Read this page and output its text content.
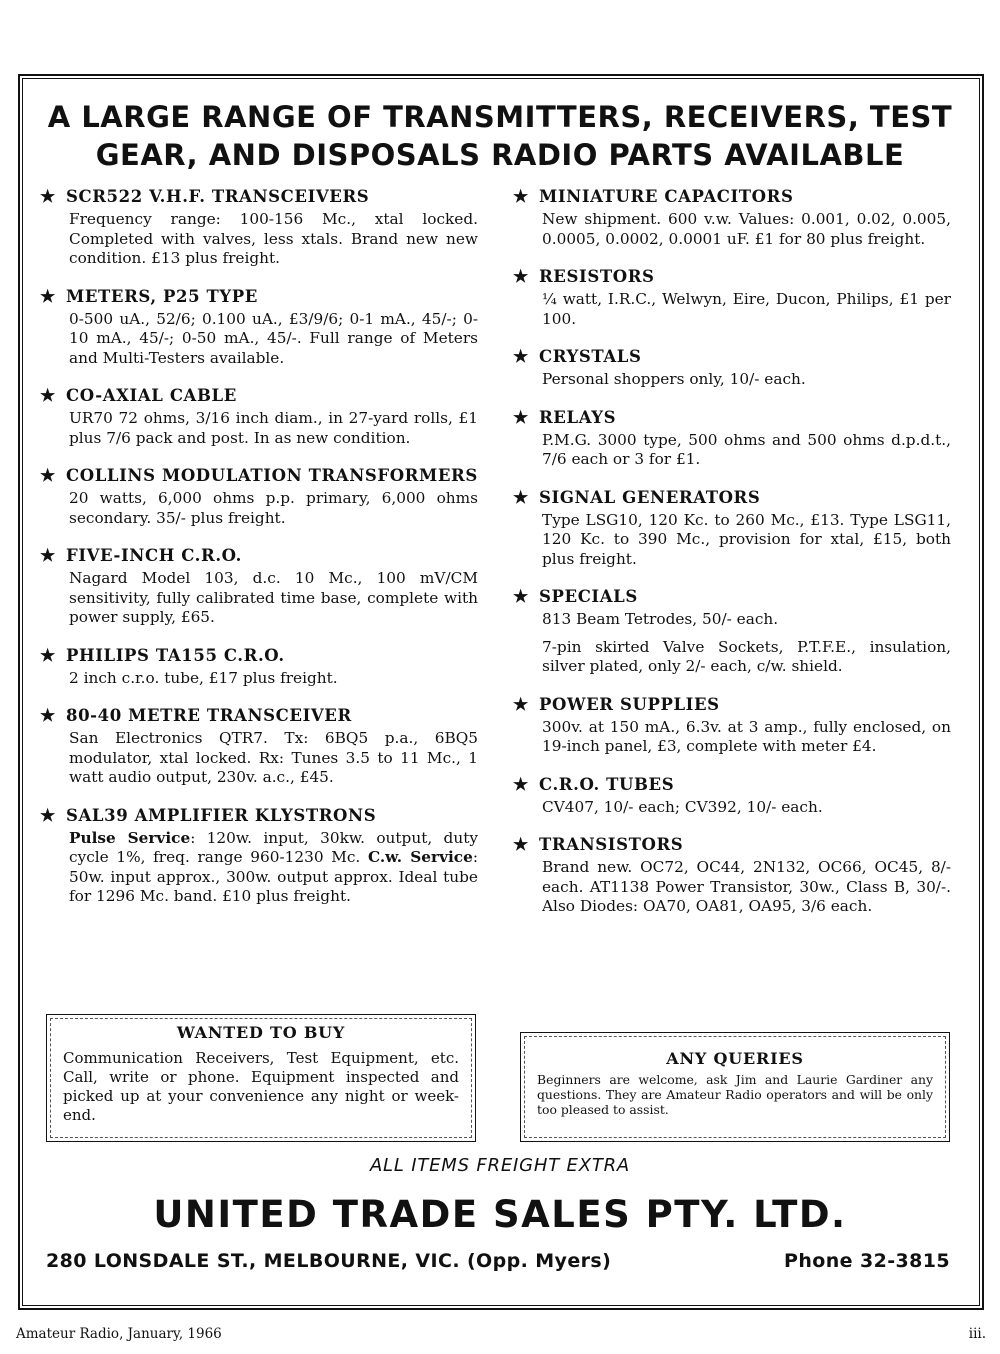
A LARGE RANGE OF TRANSMITTERS, RECEIVERS, TEST
GEAR, AND DISPOSALS RADIO PARTS AVAILABLE
★ SCR522 V.H.F. TRANSCEIVERS

Frequency range: 100-156 Mc., xtal locked. Completed with valves, less xtals. Brand new new condition. £13 plus freight.

★ METERS, P25 TYPE

0-500 uA., 52/6; 0.100 uA., £3/9/6; 0-1 mA., 45/-; 0-10 mA., 45/-; 0-50 mA., 45/-. Full range of Meters and Multi-Testers available.

★ CO-AXIAL CABLE

UR70 72 ohms, 3/16 inch diam., in 27-yard rolls, £1 plus 7/6 pack and post. In as new condition.

★ COLLINS MODULATION TRANSFORMERS

20 watts, 6,000 ohms p.p. primary, 6,000 ohms secondary. 35/- plus freight.

★ FIVE-INCH C.R.O.

Nagard Model 103, d.c. 10 Mc., 100 mV/CM sensitivity, fully calibrated time base, complete with power supply, £65.

★ PHILIPS TA155 C.R.O.

2 inch c.r.o. tube, £17 plus freight.

★ 80-40 METRE TRANSCEIVER

San Electronics QTR7. Tx: 6BQ5 p.a., 6BQ5 modulator, xtal locked. Rx: Tunes 3.5 to 11 Mc., 1 watt audio output, 230v. a.c., £45.

★ SAL39 AMPLIFIER KLYSTRONS

Pulse Service: 120w. input, 30kw. output, duty cycle 1%, freq. range 960-1230 Mc. C.w. Service: 50w. input approx., 300w. output approx. Ideal tube for 1296 Mc. band. £10 plus freight.

★ MINIATURE CAPACITORS

New shipment. 600 v.w. Values: 0.001, 0.02, 0.005, 0.0005, 0.0002, 0.0001 uF. £1 for 80 plus freight.

★ RESISTORS

¼ watt, I.R.C., Welwyn, Eire, Ducon, Philips, £1 per 100.

★ CRYSTALS

Personal shoppers only, 10/- each.

★ RELAYS

P.M.G. 3000 type, 500 ohms and 500 ohms d.p.d.t., 7/6 each or 3 for £1.

★ SIGNAL GENERATORS

Type LSG10, 120 Kc. to 260 Mc., £13. Type LSG11, 120 Kc. to 390 Mc., provision for xtal, £15, both plus freight.

★ SPECIALS

813 Beam Tetrodes, 50/- each.

7-pin skirted Valve Sockets, P.T.F.E., insulation, silver plated, only 2/- each, c/w. shield.

★ POWER SUPPLIES

300v. at 150 mA., 6.3v. at 3 amp., fully enclosed, on 19-inch panel, £3, complete with meter £4.

★ C.R.O. TUBES

CV407, 10/- each; CV392, 10/- each.

★ TRANSISTORS

Brand new. OC72, OC44, 2N132, OC66, OC45, 8/- each. AT1138 Power Transistor, 30w., Class B, 30/-. Also Diodes: OA70, OA81, OA95, 3/6 each.

WANTED TO BUY
Communication Receivers, Test Equipment, etc. Call, write or phone. Equipment inspected and picked up at your convenience any night or week-end.
ANY QUERIES
Beginners are welcome, ask Jim and Laurie Gardiner any questions. They are Amateur Radio operators and will be only too pleased to assist.
ALL ITEMS FREIGHT EXTRA
UNITED TRADE SALES PTY. LTD.
280 LONSDALE ST., MELBOURNE, VIC. (Opp. Myers)	Phone 32-3815
Amateur Radio, January, 1966	iii.
